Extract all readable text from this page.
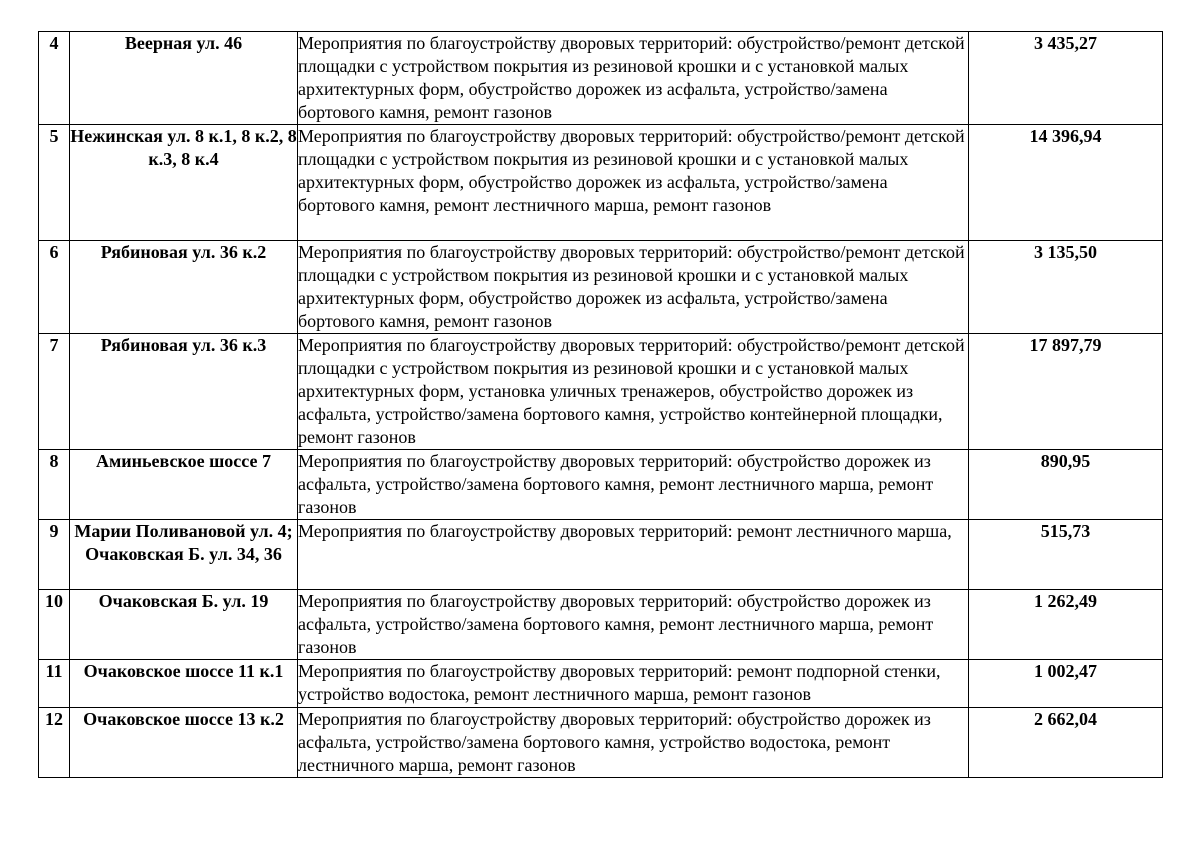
4	Веерная ул. 46	Мероприятия по благоустройству дворовых территорий: обустройство/ремонт детской площадки с устройством покрытия из резиновой крошки и с установкой малых архитектурных форм, обустройство дорожек из асфальта, устройство/замена бортового камня, ремонт газонов	3 435,27
5	Нежинская ул. 8 к.1, 8 к.2, 8 к.3, 8 к.4	Мероприятия по благоустройству дворовых территорий: обустройство/ремонт детской площадки с устройством покрытия из резиновой крошки и с установкой малых архитектурных форм, обустройство дорожек из асфальта, устройство/замена бортового камня, ремонт лестничного марша, ремонт газонов	14 396,94
6	Рябиновая ул. 36 к.2	Мероприятия по благоустройству дворовых территорий: обустройство/ремонт детской площадки с устройством покрытия из резиновой крошки и с установкой малых архитектурных форм, обустройство дорожек из асфальта, устройство/замена бортового камня, ремонт газонов	3 135,50
7	Рябиновая ул. 36 к.3	Мероприятия по благоустройству дворовых территорий: обустройство/ремонт детской площадки с устройством покрытия из резиновой крошки и с установкой малых архитектурных форм, установка уличных тренажеров, обустройство дорожек из асфальта, устройство/замена бортового камня, устройство контейнерной площадки, ремонт газонов	17 897,79
8	Аминьевское шоссе 7	Мероприятия по благоустройству дворовых территорий: обустройство дорожек из асфальта, устройство/замена бортового камня, ремонт лестничного марша, ремонт газонов	890,95
9	Марии Поливановой ул. 4; Очаковская Б. ул. 34, 36	Мероприятия по благоустройству дворовых территорий: ремонт лестничного марша,	515,73
10	Очаковская Б. ул. 19	Мероприятия по благоустройству дворовых территорий: обустройство дорожек из асфальта, устройство/замена бортового камня, ремонт лестничного марша, ремонт газонов	1 262,49
11	Очаковское шоссе 11 к.1	Мероприятия по благоустройству дворовых территорий: ремонт подпорной стенки, устройство водостока, ремонт лестничного марша, ремонт газонов	1 002,47
12	Очаковское шоссе 13 к.2	Мероприятия по благоустройству дворовых территорий: обустройство дорожек из асфальта, устройство/замена бортового камня, устройство водостока, ремонт лестничного марша, ремонт газонов	2 662,04
